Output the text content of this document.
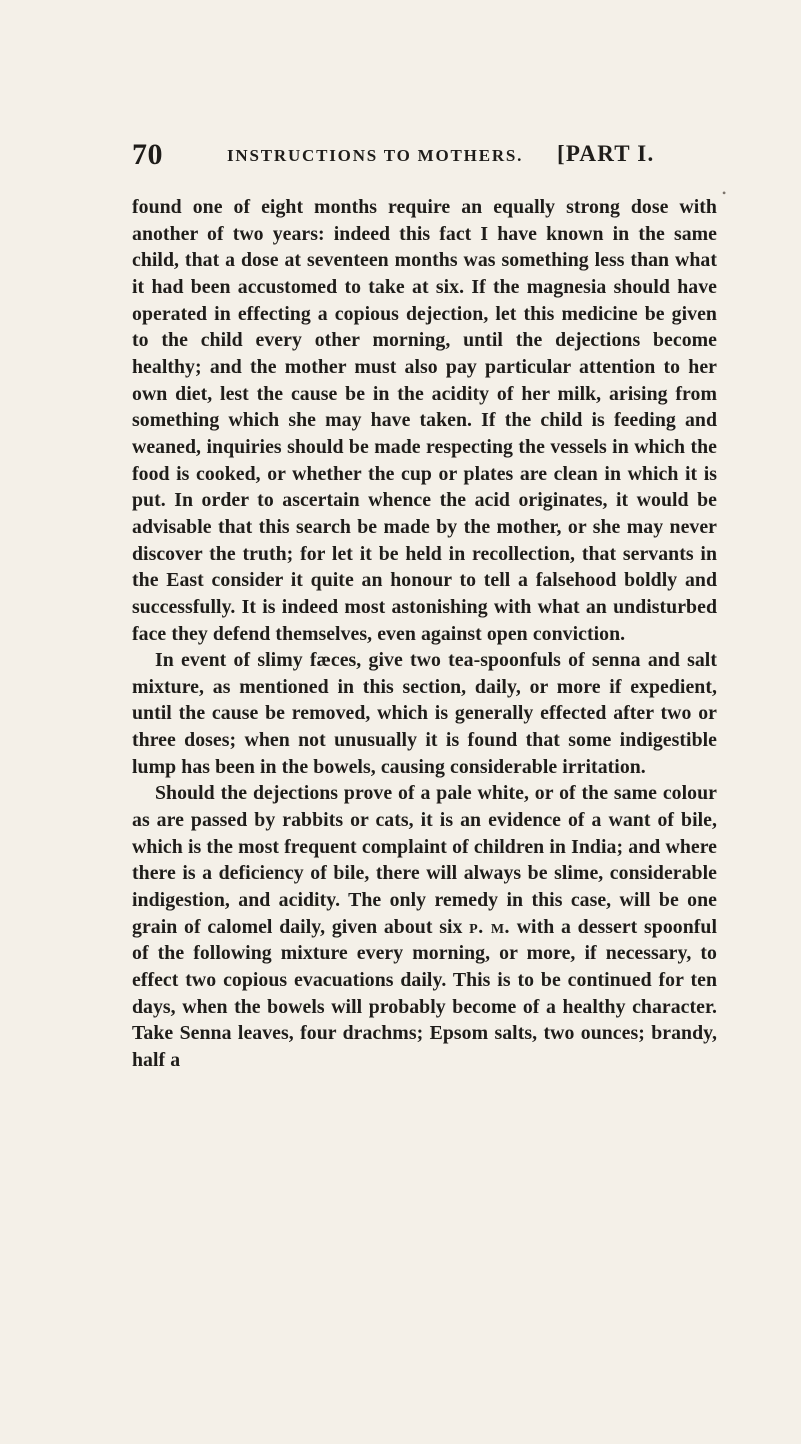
70	INSTRUCTIONS TO MOTHERS. [PART I.
•

found one of eight months require an equally strong dose with another of two years: indeed this fact I have known in the same child, that a dose at seventeen months was something less than what it had been accustomed to take at six. If the magnesia should have operated in effecting a copious dejection, let this medicine be given to the child every other morning, until the dejections become healthy; and the mother must also pay particular attention to her own diet, lest the cause be in the acidity of her milk, arising from something which she may have taken. If the child is feeding and weaned, inquiries should be made respecting the vessels in which the food is cooked, or whether the cup or plates are clean in which it is put. In order to ascertain whence the acid originates, it would be advisable that this search be made by the mother, or she may never discover the truth; for let it be held in recollection, that servants in the East consider it quite an honour to tell a falsehood boldly and successfully. It is indeed most astonishing with what an undisturbed face they defend themselves, even against open conviction.

In event of slimy fæces, give two tea-spoonfuls of senna and salt mixture, as mentioned in this section, daily, or more if expedient, until the cause be removed, which is generally effected after two or three doses; when not unusually it is found that some indigestible lump has been in the bowels, causing considerable irritation.

Should the dejections prove of a pale white, or of the same colour as are passed by rabbits or cats, it is an evidence of a want of bile, which is the most frequent complaint of children in India; and where there is a deficiency of bile, there will always be slime, considerable indigestion, and acidity. The only remedy in this case, will be one grain of calomel daily, given about six p. m. with a dessert spoonful of the following mixture every morning, or more, if necessary, to effect two copious evacuations daily. This is to be continued for ten days, when the bowels will probably become of a healthy character. Take Senna leaves, four drachms; Epsom salts, two ounces; brandy, half a
